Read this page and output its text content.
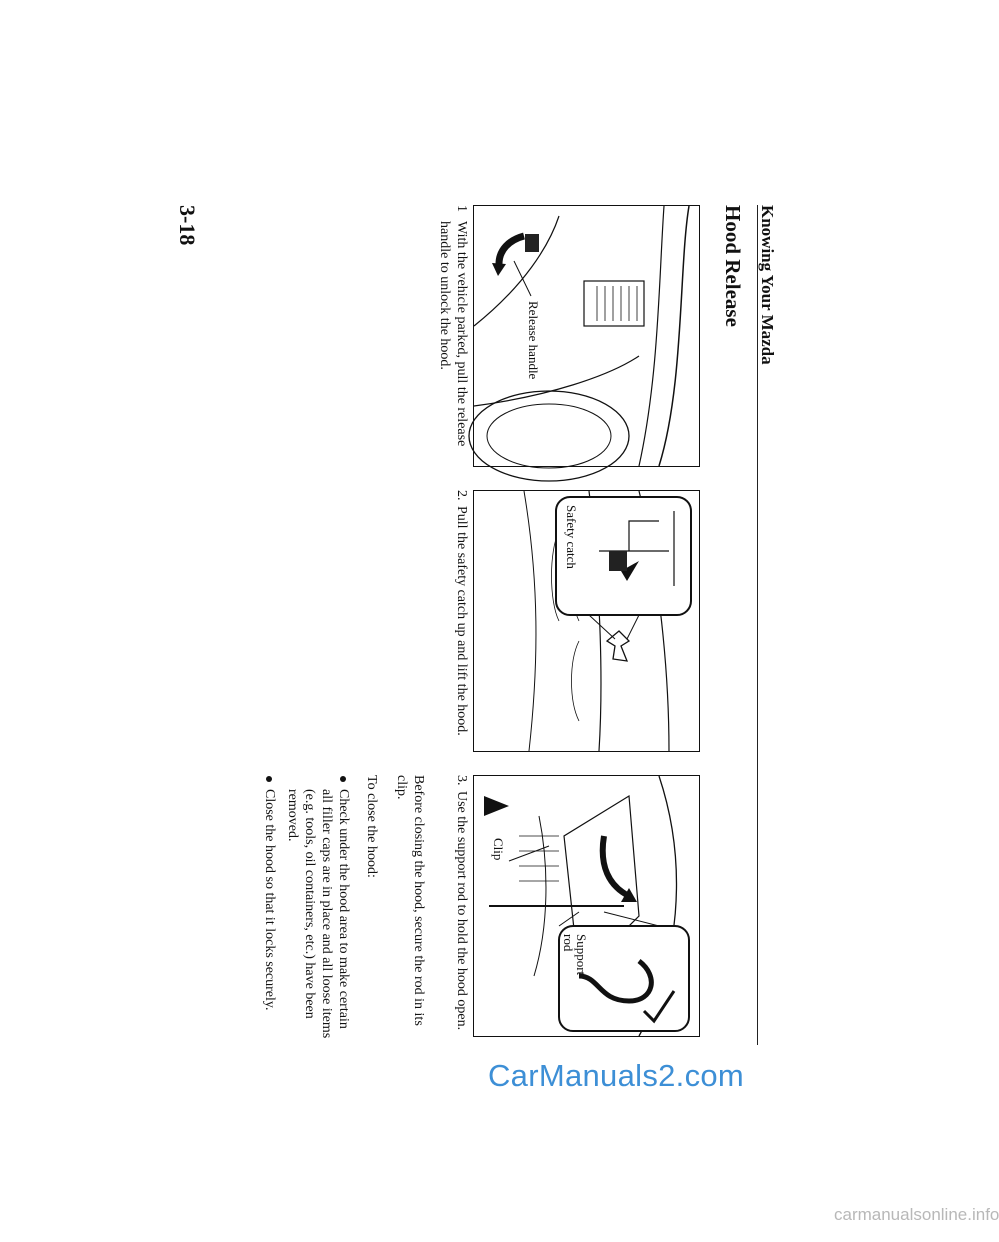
Knowing Your Mazda
Hood Release
Release handle
Safety catch
Support
rod
Clip
1
With the vehicle parked, pull the release handle to unlock the hood.
2.
Pull the safety catch up and lift the hood.
3.
Use the support rod to hold the hood open.
Before closing the hood, secure the rod in its clip.
To close the hood:
Check under the hood area to make certain all filler caps are in place and all loose items (e.g. tools, oil containers, etc.) have been removed.
Close the hood so that it locks securely.
3-18
CarManuals2.com
carmanualsonline.info
